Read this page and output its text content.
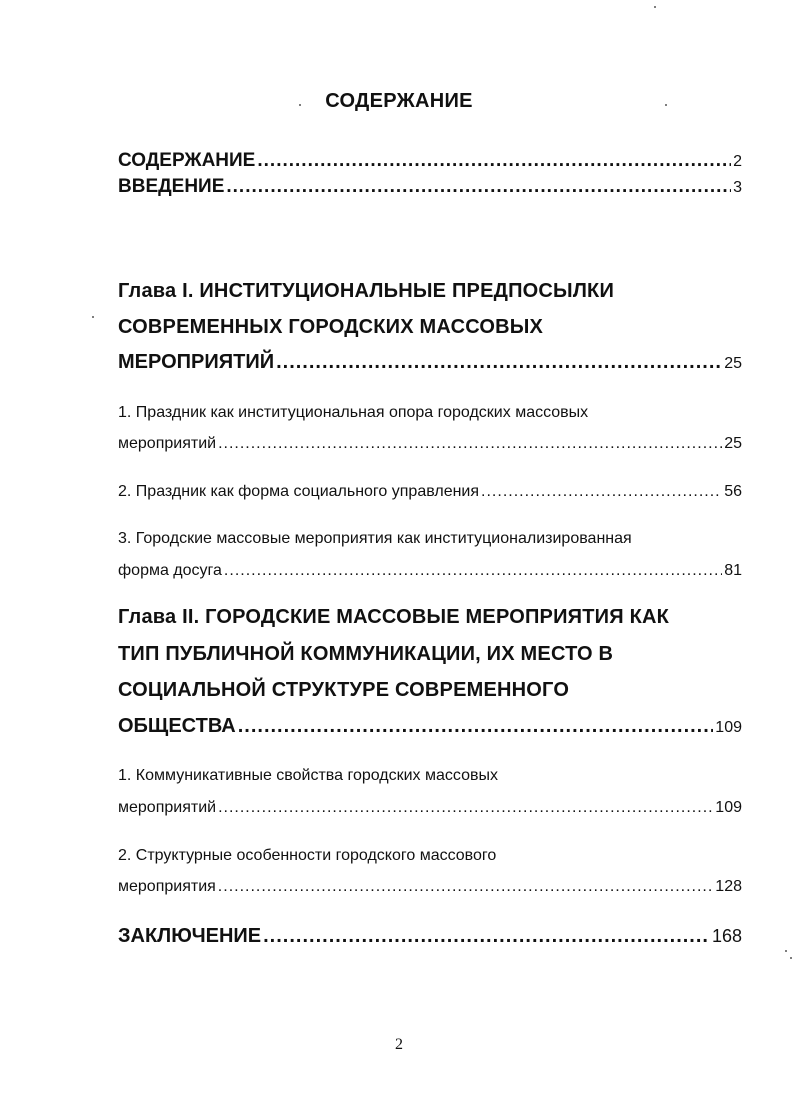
СОДЕРЖАНИЕ
СОДЕРЖАНИЕ .....	2
ВВЕДЕНИЕ .....	3
Глава I. ИНСТИТУЦИОНАЛЬНЫЕ ПРЕДПОСЫЛКИ
СОВРЕМЕННЫХ ГОРОДСКИХ МАССОВЫХ
МЕРОПРИЯТИЙ .....	25
1. Праздник как институциональная опора городских массовых
мероприятий .....	25
2. Праздник как форма социального управления .....	56
3. Городские массовые мероприятия как институционализированная
форма досуга .....	81
Глава II. ГОРОДСКИЕ МАССОВЫЕ МЕРОПРИЯТИЯ КАК
ТИП ПУБЛИЧНОЙ КОММУНИКАЦИИ, ИХ МЕСТО В
СОЦИАЛЬНОЙ СТРУКТУРЕ СОВРЕМЕННОГО
ОБЩЕСТВА .....	109
1. Коммуникативные свойства городских массовых
мероприятий .....	109
2. Структурные особенности городского массового
мероприятия .....	128
ЗАКЛЮЧЕНИЕ .....	168
2
